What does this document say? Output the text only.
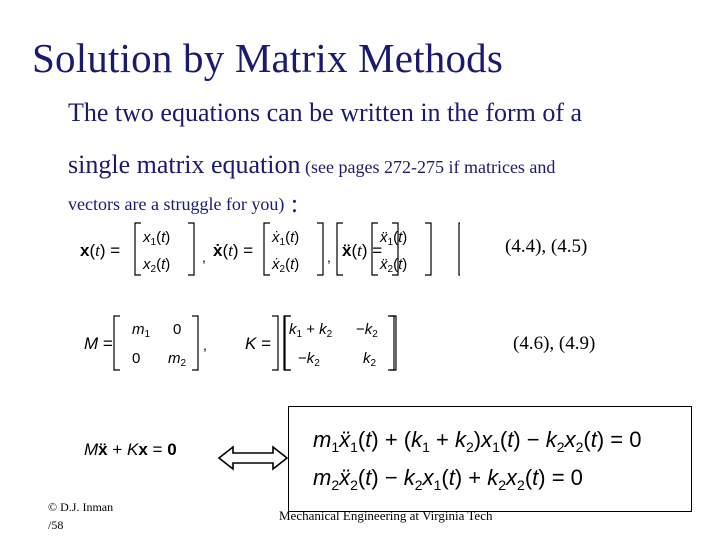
Solution by Matrix Methods
The two equations can be written in the form of a
single matrix equation (see pages 272-275 if matrices and
vectors are a struggle for you) :
x(t) =
$x_1(t)$
$x_2(t)$ , ẋ(t) =
ẋ$_1$(t)
ẋ$_2$(t) , ẍ(t) =
ẍ$_1$(t)
ẍ$_2$(t)
(4.4), (4.5)
M =
$m_1$ 0
0 $m_2$
, K =
$k_1 + k_2 -k_2$
$-k_2$	$k_2$
(4.6), (4.9)
Mẍ + Kx = 0	$m_1ẍ_1(t) + (k_1 + k_2)x_1(t) - k_2x_2(t) = 0$
$m_2ẍ_2(t) - k_2x_1(t) + k_2x_2(t) = 0$
© D.J. Inman
/58
Mechanical Engineering at Virginia Tech
